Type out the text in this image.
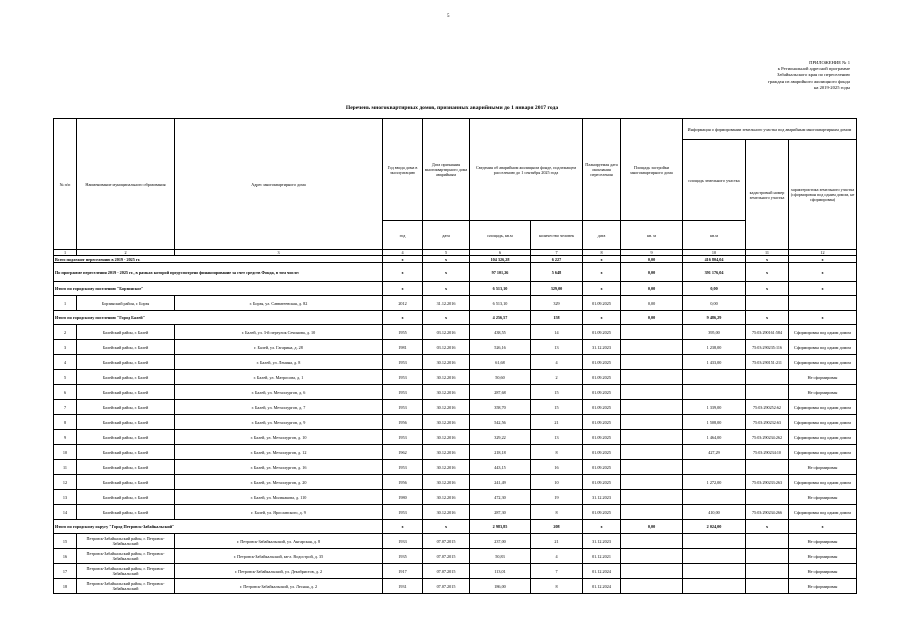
5
ПРИЛОЖЕНИЕ № 1
к Региональной адресной программе
Забайкальского края по переселению
граждан из аварийного жилищного фонда
на 2019-2025 годы
Перечень многоквартирных домов, признанных аварийными до 1 января 2017 года
№ п/п	Наименование муниципального образования	Адрес многоквартирного дома	Год ввода дома в эксплуатацию	Дата признания многоквартирного дома аварийным	Сведения об аварийном жилищном фонде, подлежащем расселению до 1 сентября 2025 года		Планируемая дата окончания переселения	Площадь застройки многоквартирного дома	Информация о формировании земельного участка под аварийным многоквартирным домом		
									площадь земельного участка	кадастровый номер земельного участка	характеристика земельного участка (сформирован под одним домом, не сформирован)
			год	дата	площадь, кв.м	количество человек	дата	кв. м	кв.м		
1	2	3	4	5	6	7	8	9	10	11	12
Всего подлежит переселению в 2019 - 2025 гг.			x	x	104 326,28	6 227	x	0,00	416 804,04	x	x
По программе переселения 2019 - 2025 гг., в рамках которой предусмотрено финансирование за счет средств Фонда, в том числе:			x	x	97 101,26	5 648	x	0,00	391 176,04	x	x
Итого по городскому поселению "Борзинское"			x	x	6 513,10	329,00	x	0,00	0,00	x	x
1	Борзинский район, г. Борзя	г. Борзя, ул. Савватеевская, д. 82	2012	31.12.2016	6 513,10	329	01.09.2025	0,00	0,00		
Итого по городскому поселению "Город Балей"			x	x	4 256,57	158	x	0,00	9 486,29	x	x
2	Балейский район, г. Балей	г. Балей, ул. 3-й переулок Сечинова, д. 10	1955	03.12.2016	438,55	14	01.09.2025		395,00	75:03:290161:584	Сформирован под одним домом
3	Балейский район, г. Балей	г. Балей, ул. Гагарина, д. 28	1981	03.12.2016	526,16	13	31.12.2023		1 238,00	75:03:290235:116	Сформирован под одним домом
4	Балейский район, г. Балей	г. Балей, ул. Ленина, д. 8	1953	30.12.2016	61,68	4	01.09.2025		1 433,00	75:03:290151:211	Сформирован под одним домом
5	Балейский район, г. Балей	г. Балей, ул. Матросова, д. 1	1953	30.12.2016	50,60	2	01.09.2025				Не сформирован
6	Балейский район, г. Балей	г. Балей, ул. Металлургов, д. 6	1953	30.12.2016	287,68	15	01.09.2025				Не сформирован
7	Балейский район, г. Балей	г. Балей, ул. Металлургов, д. 7	1953	30.12.2016	358,70	15	01.09.2025		1 339,00	75:03:290252:62	Сформирован под одним домом
8	Балейский район, г. Балей	г. Балей, ул. Металлургов, д. 9	1956	30.12.2016	542,56	21	01.09.2025		1 508,00	75:03:290232:63	Сформирован под одним домом
9	Балейский район, г. Балей	г. Балей, ул. Металлургов, д. 10	1953	30.12.2016	329,22	13	01.09.2025		1 464,00	75:03:290234:262	Сформирован под одним домом
10	Балейский район, г. Балей	г. Балей, ул. Металлургов, д. 12	1962	30.12.2016	218,18	8	01.09.2025		427,29	75:03:290234:10	Сформирован под одним домом
11	Балейский район, г. Балей	г. Балей, ул. Металлургов, д. 16	1953	30.12.2016	443,15	16	01.09.2025				Не сформирован
12	Балейский район, г. Балей	г. Балей, ул. Металлургов, д. 20	1956	30.12.2016	241,49	10	01.09.2025		1 272,00	75:03:290233:263	Сформирован под одним домом
13	Балейский район, г. Балей	г. Балей, ул. Мильчакова, д. 110	1980	30.12.2016	472,30	19	31.12.2023				Не сформирован
14	Балейский район, г. Балей	г. Балей, ул. Ярославского, д. 9	1953	30.12.2016	287,30	8	01.09.2025		410,00	75:03:290234:266	Сформирован под одним домом
Итого по городскому округу "Город Петровск-Забайкальский"			x	x	2 983,85	208	x	0,00	2 024,00	x	x
15	Петровск-Забайкальский район, г. Петровск-Забайкальский	г. Петровск-Забайкальский, ул. Ангарская, д. 8	1933	07.07.2015	237,00	21	31.12.2023				Не сформирован
16	Петровск-Забайкальский район, г. Петровск-Забайкальский	г. Петровск-Забайкальский, кв-л. Водострой, д. 35	1935	07.07.2015	50,83	4	01.12.2021				Не сформирован
17	Петровск-Забайкальский район, г. Петровск-Забайкальский	г. Петровск-Забайкальский, ул. Декабристов, д. 2	1917	07.07.2015	113,01	7	01.12.2024				Не сформирован
18	Петровск-Забайкальский район, г. Петровск-Забайкальский	г. Петровск-Забайкальский, ул. Лесная, д. 2	1931	07.07.2015	186,00	8	01.12.2024				Не сформирован
